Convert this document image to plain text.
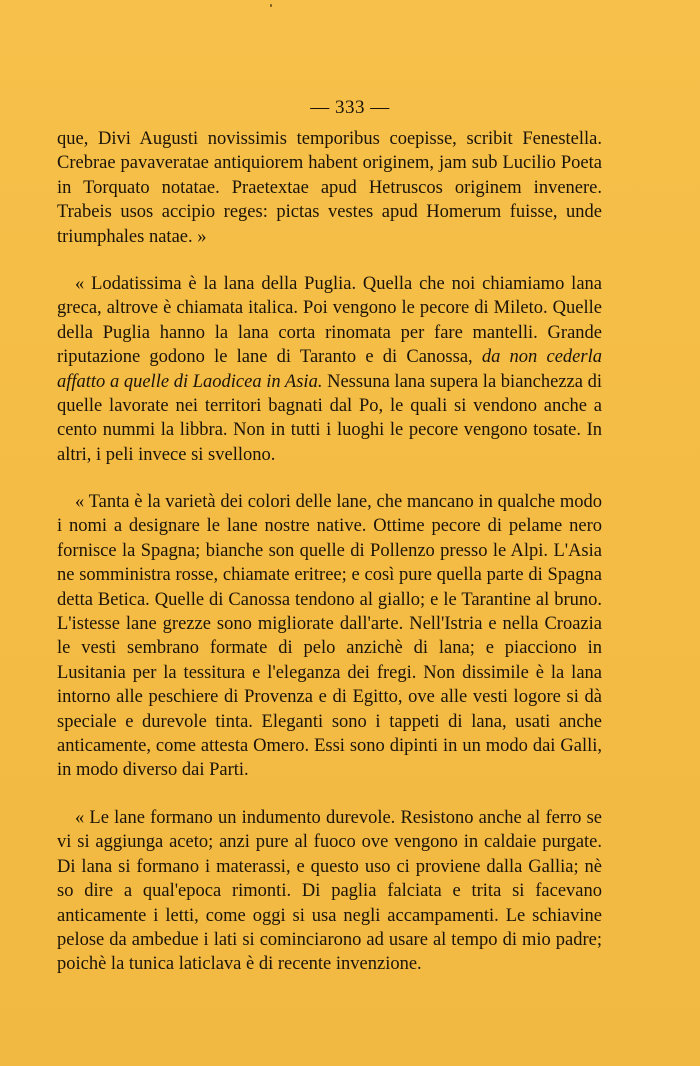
— 333 —

que, Divi Augusti novissimis temporibus coepisse, scribit Fenestella. Crebrae pavaveratae antiquiorem habent originem, jam sub Lucilio Poeta in Torquato notatae. Praetextae apud Hetruscos originem invenere. Trabeis usos accipio reges: pictas vestes apud Homerum fuisse, unde triumphales natae. »

« Lodatissima è la lana della Puglia. Quella che noi chiamiamo lana greca, altrove è chiamata italica. Poi vengono le pecore di Mileto. Quelle della Puglia hanno la lana corta rinomata per fare mantelli. Grande riputazione godono le lane di Taranto e di Canossa, da non cederla affatto a quelle di Laodicea in Asia. Nessuna lana supera la bianchezza di quelle lavorate nei territori bagnati dal Po, le quali si vendono anche a cento nummi la libbra. Non in tutti i luoghi le pecore vengono tosate. In altri, i peli invece si svellono.

« Tanta è la varietà dei colori delle lane, che mancano in qualche modo i nomi a designare le lane nostre native. Ottime pecore di pelame nero fornisce la Spagna; bianche son quelle di Pollenzo presso le Alpi. L'Asia ne somministra rosse, chiamate eritree; e così pure quella parte di Spagna detta Betica. Quelle di Canossa tendono al giallo; e le Tarantine al bruno. L'istesse lane grezze sono migliorate dall'arte. Nell'Istria e nella Croazia le vesti sembrano formate di pelo anzichè di lana; e piacciono in Lusitania per la tessitura e l'eleganza dei fregi. Non dissimile è la lana intorno alle peschiere di Provenza e di Egitto, ove alle vesti logore si dà speciale e durevole tinta. Eleganti sono i tappeti di lana, usati anche anticamente, come attesta Omero. Essi sono dipinti in un modo dai Galli, in modo diverso dai Parti.

« Le lane formano un indumento durevole. Resistono anche al ferro se vi si aggiunga aceto; anzi pure al fuoco ove vengono in caldaie purgate. Di lana si formano i materassi, e questo uso ci proviene dalla Gallia; nè so dire a qual'epoca rimonti. Di paglia falciata e trita si facevano anticamente i letti, come oggi si usa negli accampamenti. Le schiavine pelose da ambedue i lati si cominciarono ad usare al tempo di mio padre; poichè la tunica laticlava è di recente invenzione.
